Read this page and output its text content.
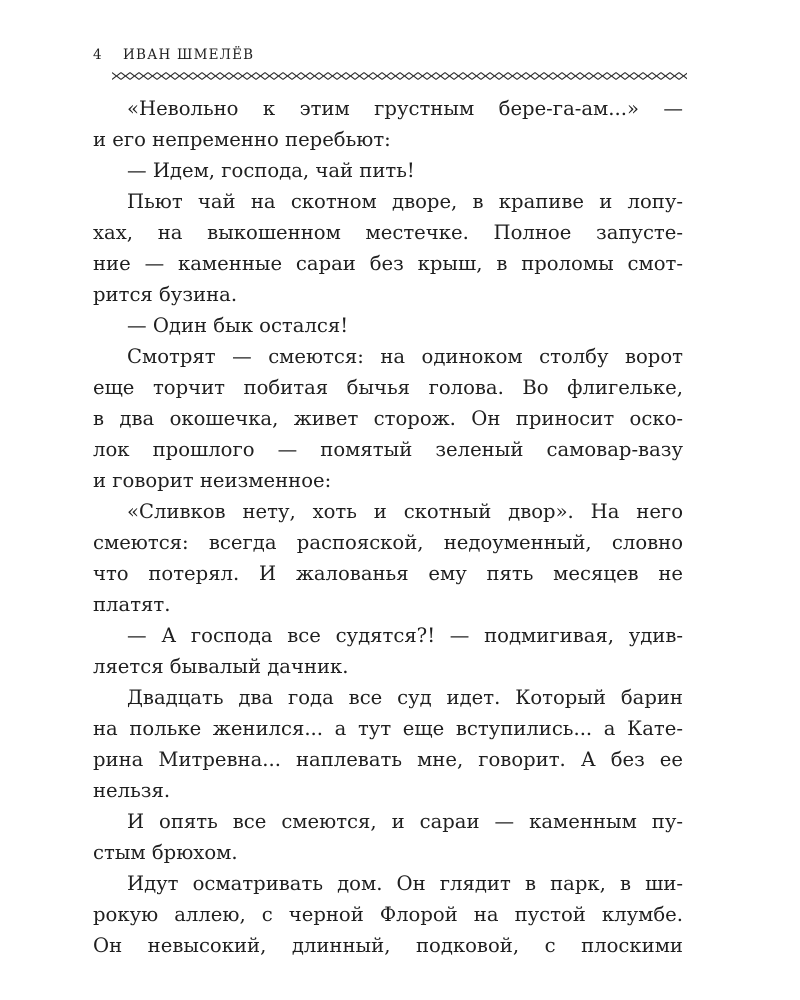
4 ИВАН ШМЕЛЁВ
«Невольно к этим грустным бере-га-ам...» —
и его непременно перебьют:
— Идем, господа, чай пить!
Пьют чай на скотном дворе, в крапиве и лопу-
хах, на выкошенном местечке. Полное запусте-
ние — каменные сараи без крыш, в проломы смот-
рится бузина.
— Один бык остался!
Смотрят — смеются: на одиноком столбу ворот
еще торчит побитая бычья голова. Во флигельке,
в два окошечка, живет сторож. Он приносит оско-
лок прошлого — помятый зеленый самовар-вазу
и говорит неизменное:
«Сливков нету, хоть и скотный двор». На него
смеются: всегда распояской, недоуменный, словно
что потерял. И жалованья ему пять месяцев не
платят.
— А господа все судятся?! — подмигивая, удив-
ляется бывалый дачник.
Двадцать два года все суд идет. Который барин
на польке женился... а тут еще вступились... а Кате-
рина Митревна... наплевать мне, говорит. А без ее
нельзя.
И опять все смеются, и сараи — каменным пу-
стым брюхом.
Идут осматривать дом. Он глядит в парк, в ши-
рокую аллею, с черной Флорой на пустой клумбе.
Он невысокий, длинный, подковой, с плоскими
